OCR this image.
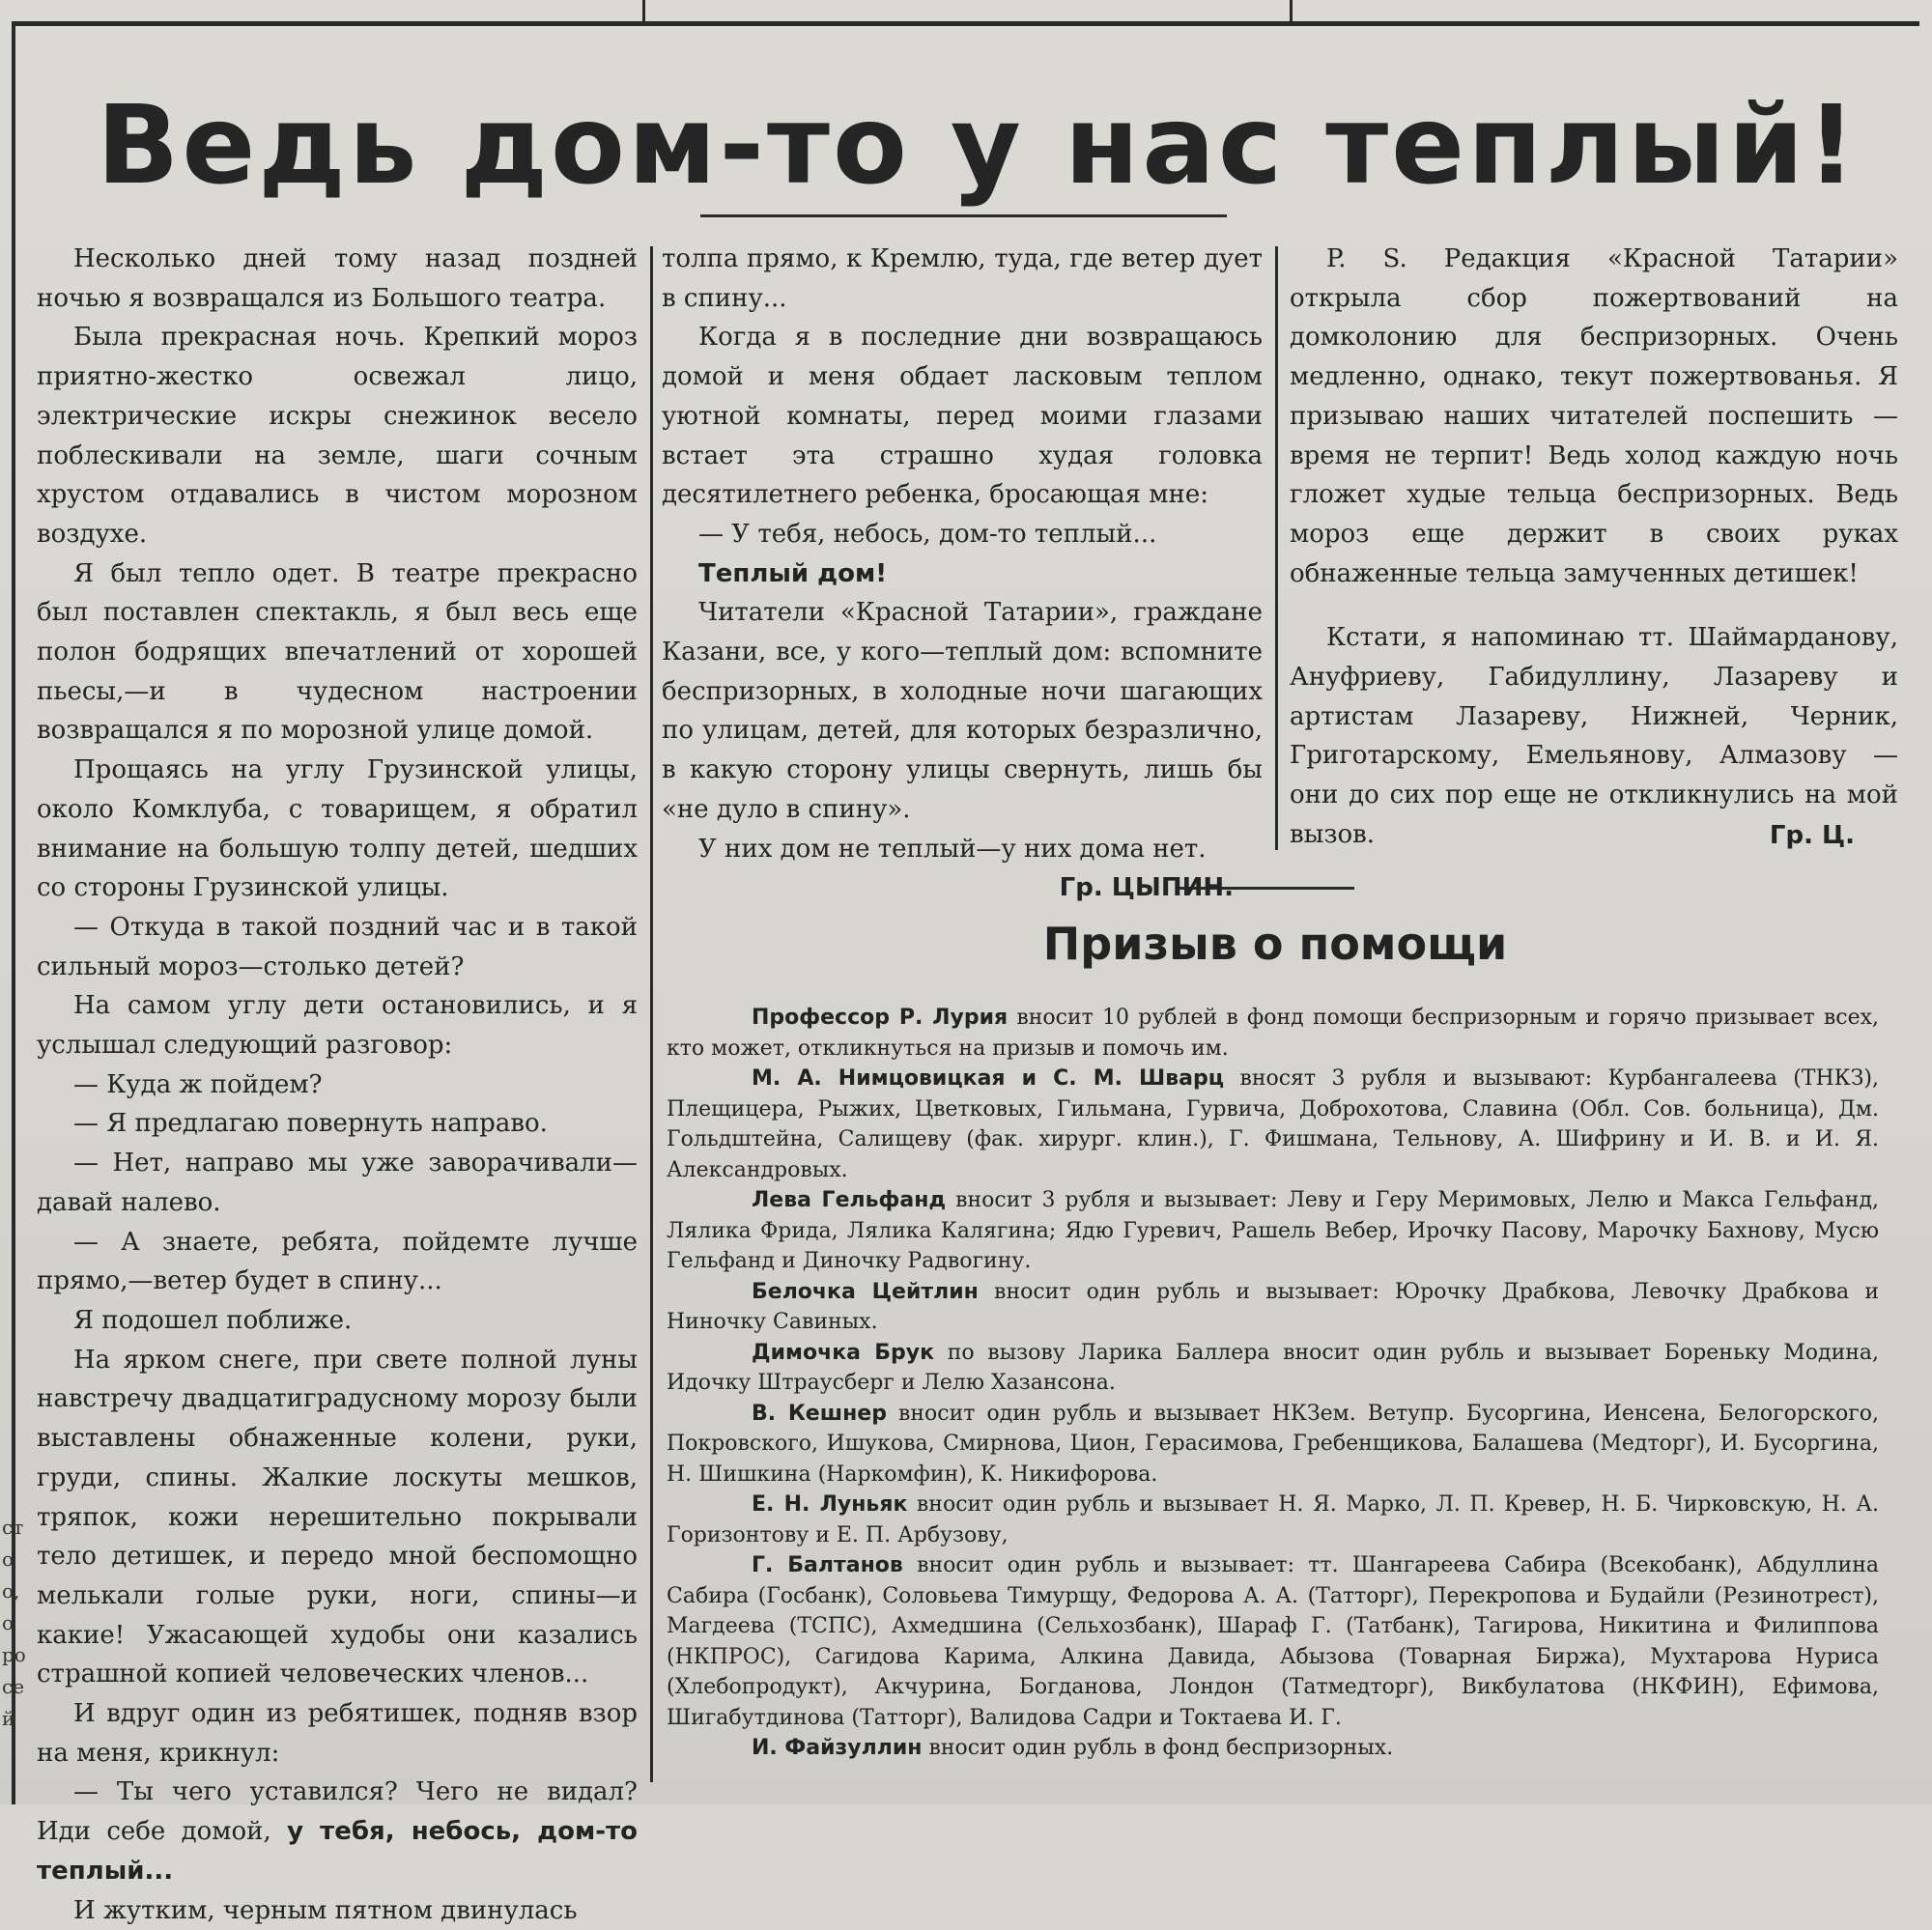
Ведь дом-то у нас теплый!

Несколько дней тому назад поздней ночью я возвращался из Большого театра.

Была прекрасная ночь. Крепкий мороз приятно-жестко освежал лицо, электрические искры снежинок весело поблескивали на земле, шаги сочным хрустом отдавались в чистом морозном воздухе.

Я был тепло одет. В театре прекрасно был поставлен спектакль, я был весь еще полон бодрящих впечатлений от хорошей пьесы,—и в чудесном настроении возвращался я по морозной улице домой.

Прощаясь на углу Грузинской улицы, около Комклуба, с товарищем, я обратил внимание на большую толпу детей, шедших со стороны Грузинской улицы.

— Откуда в такой поздний час и в такой сильный мороз—столько детей?

На самом углу дети остановились, и я услышал следующий разговор:

— Куда ж пойдем?

— Я предлагаю повернуть направо.

— Нет, направо мы уже заворачивали—давай налево.

— А знаете, ребята, пойдемте лучше прямо,—ветер будет в спину...

Я подошел поближе.

На ярком снеге, при свете полной луны навстречу двадцатиградусному морозу были выставлены обнаженные колени, руки, груди, спины. Жалкие лоскуты мешков, тряпок, кожи нерешительно покрывали тело детишек, и передо мной беспомощно мелькали голые руки, ноги, спины—и какие! Ужасающей худобы они казались страшной копией человеческих членов...

И вдруг один из ребятишек, подняв взор на меня, крикнул:

— Ты чего уставился? Чего не видал? Иди себе домой, у тебя, небось, дом-то теплый...

И жутким, черным пятном двинулась

толпа прямо, к Кремлю, туда, где ветер дует в спину...

Когда я в последние дни возвращаюсь домой и меня обдает ласковым теплом уютной комнаты, перед моими глазами встает эта страшно худая головка десятилетнего ребенка, бросающая мне:

— У тебя, небось, дом-то теплый...

Теплый дом!

Читатели «Красной Татарии», граждане Казани, все, у кого—теплый дом: вспомните беспризорных, в холодные ночи шагающих по улицам, детей, для которых безразлично, в какую сторону улицы свернуть, лишь бы «не дуло в спину».

У них дом не теплый—у них дома нет.

Гр. ЦЫПИН.

P. S. Редакция «Красной Татарии» открыла сбор пожертвований на домколонию для беспризорных. Очень медленно, однако, текут пожертвованья. Я призываю наших читателей поспешить — время не терпит! Ведь холод каждую ночь гложет худые тельца беспризорных. Ведь мороз еще держит в своих руках обнаженные тельца замученных детишек!

Кстати, я напоминаю тт. Шаймарданову, Ануфриеву, Габидуллину, Лазареву и артистам Лазареву, Нижней, Черник, Григотарскому, Емельянову, Алмазову — они до сих пор еще не откликнулись на мой вызов.	Гр. Ц.
Призыв о помощи

Профессор Р. Лурия вносит 10 рублей в фонд помощи беспризорным и горячо призывает всех, кто может, откликнуться на призыв и помочь им.

М. А. Нимцовицкая и С. М. Шварц вносят 3 рубля и вызывают: Курбангалеева (ТНКЗ), Плещицера, Рыжих, Цветковых, Гильмана, Гурвича, Доброхотова, Славина (Обл. Сов. больница), Дм. Гольдштейна, Салищеву (фак. хирург. клин.), Г. Фишмана, Тельнову, А. Шифрину и И. В. и И. Я. Александровых.

Лева Гельфанд вносит 3 рубля и вызывает: Леву и Геру Меримовых, Лелю и Макса Гельфанд, Лялика Фрида, Лялика Калягина; Ядю Гуревич, Рашель Вебер, Ирочку Пасову, Марочку Бахнову, Мусю Гельфанд и Диночку Радвогину.

Белочка Цейтлин вносит один рубль и вызывает: Юрочку Драбкова, Левочку Драбкова и Ниночку Савиных.

Димочка Брук по вызову Ларика Баллера вносит один рубль и вызывает Бореньку Модина, Идочку Штраусберг и Лелю Хазансона.

В. Кешнер вносит один рубль и вызывает НКЗем. Ветупр. Бусоргина, Иенсена, Белогорского, Покровского, Ишукова, Смирнова, Цион, Герасимова, Гребенщикова, Балашева (Медторг), И. Бусоргина, Н. Шишкина (Наркомфин), К. Никифорова.

Е. Н. Луньяк вносит один рубль и вызывает Н. Я. Марко, Л. П. Кревер, Н. Б. Чирковскую, Н. А. Горизонтову и Е. П. Арбузову,

Г. Балтанов вносит один рубль и вызывает: тт. Шангареева Сабира (Всекобанк), Абдуллина Сабира (Госбанк), Соловьева Тимурщу, Федорова А. А. (Татторг), Перекропова и Будайли (Резинотрест), Магдеева (ТСПС), Ахмедшина (Сельхозбанк), Шараф Г. (Татбанк), Тагирова, Никитина и Филиппова (НКПРОС), Сагидова Карима, Алкина Давида, Абызова (Товарная Биржа), Мухтарова Нуриса (Хлебопродукт), Акчурина, Богданова, Лондон (Татмедторг), Викбулатова (НКФИН), Ефимова, Шигабутдинова (Татторг), Валидова Садри и Токтаева И. Г.

И. Файзуллин вносит один рубль в фонд беспризорных.

ст
о
о,
о
ро
се
й
